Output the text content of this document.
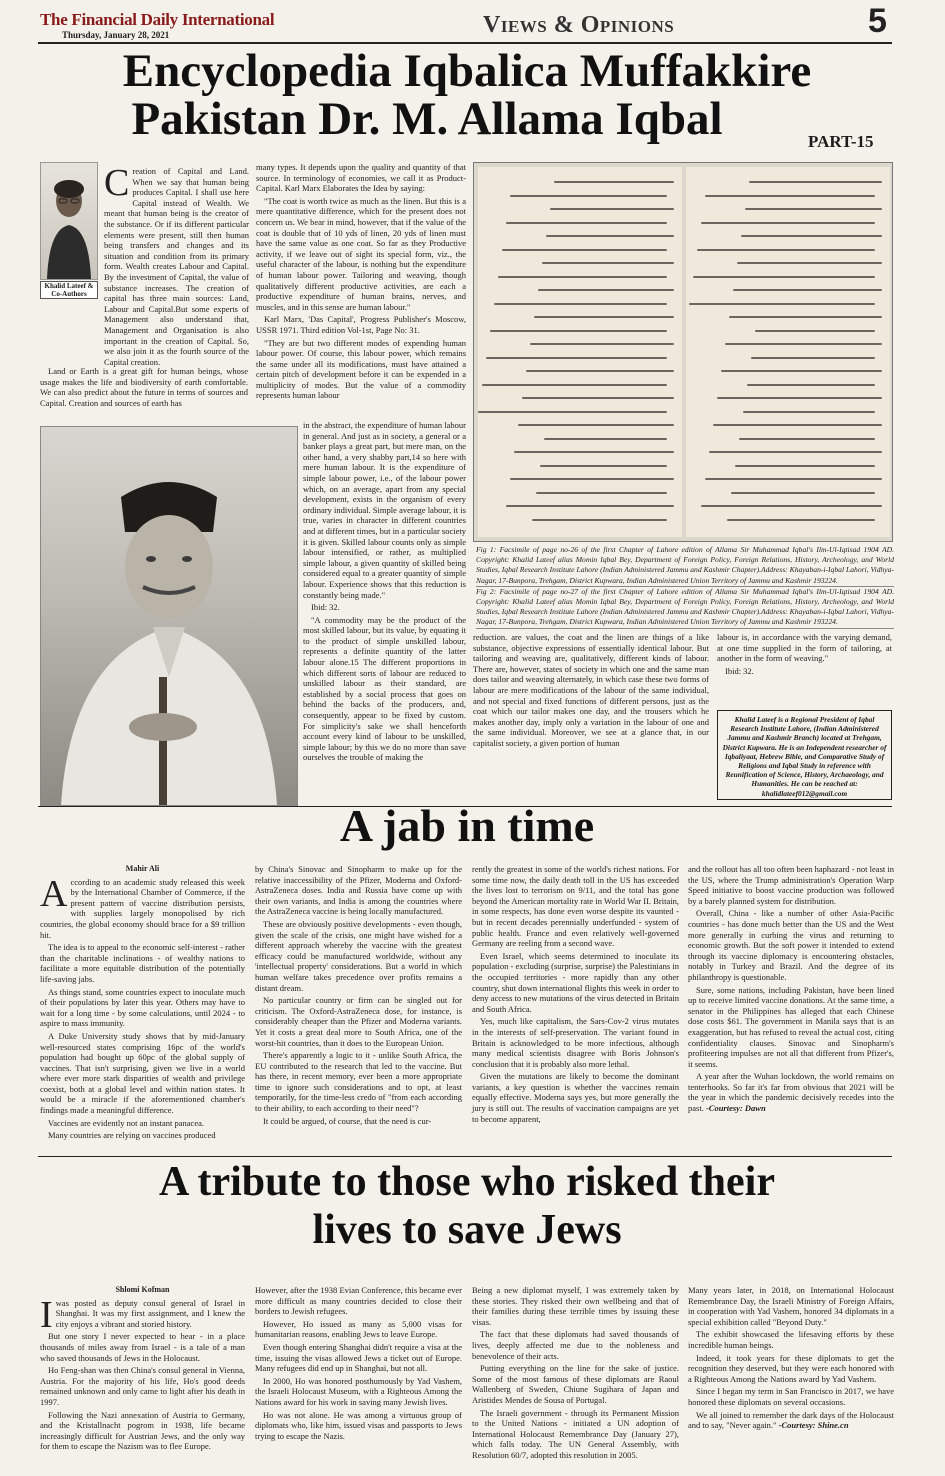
The Financial Daily International
Thursday, January 28, 2021	Views & Opinions	5
Encyclopedia Iqbalica Muffakkire
Pakistan Dr. M. Allama Iqbal	PART-15
Khalid Lateef & Co-Authors

Creation of Capital and Land. When we say that human being produces Capital. I shall use here Capital instead of Wealth. We meant that human being is the creator of the substance. Or if its different particular elements were present, still then human being transfers and changes and its situation and condition from its primary form. Wealth creates Labour and Capital. By the investment of Capital, the value of substance increases. The creation of capital has three main sources: Land, Labour and Capital.But some experts of Management also understand that, Management and Organisation is also important in the creation of Capital. So, we also join it as the fourth source of the Capital creation.

Land or Earth is a great gift for human beings, whose usage makes the life and biodiversity of earth comfortable. We can also predict about the future in terms of sources and Capital. Creation and sources of earth has

many types. It depends upon the quality and quantity of that source. In terminology of economies, we call it as Product-Capital. Karl Marx Elaborates the Idea by saying:

"The coat is worth twice as much as the linen. But this is a mere quantitative difference, which for the present does not concern us. We bear in mind, however, that if the value of the coat is double that of 10 yds of linen, 20 yds of linen must have the same value as one coat. So far as they Productive activity, if we leave out of sight its special form, viz., the useful character of the labour, is nothing but the expenditure of human labour power. Tailoring and weaving, though qualitatively different productive activities, are each a productive expenditure of human brains, nerves, and muscles, and in this sense are human labour."

Karl Marx, 'Das Capital', Progress Publisher's Moscow, USSR 1971. Third edition Vol-1st, Page No: 31.

"They are but two different modes of expending human labour power. Of course, this labour power, which remains the same under all its modifications, must have attained a certain pitch of development before it can be expended in a multiplicity of modes. But the value of a commodity represents human labour

in the abstract, the expenditure of human labour in general. And just as in society, a general or a banker plays a great part, but mere man, on the other hand, a very shabby part,14 so here with mere human labour. It is the expenditure of simple labour power, i.e., of the labour power which, on an average, apart from any special development, exists in the organism of every ordinary individual. Simple average labour, it is true, varies in character in different countries and at different times, but in a particular society it is given. Skilled labour counts only as simple labour intensified, or rather, as multiplied simple labour, a given quantity of skilled being considered equal to a greater quantity of simple labour. Experience shows that this reduction is constantly being made."

Ibid: 32.

"A commodity may be the product of the most skilled labour, but its value, by equating it to the product of simple unskilled labour, represents a definite quantity of the latter labour alone.15 The different proportions in which different sorts of labour are reduced to unskilled labour as their standard, are established by a social process that goes on behind the backs of the producers, and, consequently, appear to be fixed by custom. For simplicity's sake we shall henceforth account every kind of labour to be unskilled, simple labour; by this we do no more than save ourselves the trouble of making the

Fig 1: Facsimile of page no-26 of the first Chapter of Lahore edition of Allama Sir Muhammad Iqbal's Ilm-Ul-Iqtisad 1904 AD. Copyright: Khalid Lateef alias Momin Iqbal Bey, Department of Foreign Policy, Foreign Relations, History, Archeology, and World Studies, Iqbal Research Institute Lahore (Indian Administered Jammu and Kashmir Chapter).Address: Khayaban-i-Iqbal Lahori, Vidhya-Nagar, 17-Bunpora, Trehgam, District Kupwara, Indian Administered Union Territory of Jammu and Kashmir 193224.

Fig 2: Facsimile of page no-27 of the first Chapter of Lahore edition of Allama Sir Muhammad Iqbal's Ilm-Ul-Iqtisad 1904 AD. Copyright: Khalid Lateef alias Momin Iqbal Bey, Department of Foreign Policy, Foreign Relations, History, Archeology, and World Studies, Iqbal Research Institute Lahore (Indian Administered Jammu and Kashmir Chapter).Address: Khayaban-i-Iqbal Lahori, Vidhya-Nagar, 17-Bunpora, Trehgam, District Kupwara, Indian Administered Union Territory of Jammu and Kashmir 193224.

reduction. are values, the coat and the linen are things of a like substance, objective expressions of essentially identical labour. But tailoring and weaving are, qualitatively, different kinds of labour. There are, however, states of society in which one and the same man does tailor and weaving alternately, in which case these two forms of labour are mere modifications of the labour of the same individual, and not special and fixed functions of different persons, just as the coat which our tailor makes one day, and the trousers which he makes another day, imply only a variation in the labour of one and the same individual. Moreover, we see at a glance that, in our capitalist society, a given portion of human

labour is, in accordance with the varying demand, at one time supplied in the form of tailoring, at another in the form of weaving."

Ibid: 32.

Khalid Lateef is a Regional President of Iqbal Research Institute Lahore, (Indian Administered Jammu and Kashmir Branch) located at Trehgam, District Kupwara. He is an Independent researcher of Iqbaliyaat, Hebrew Bible, and Comparative Study of Religions and Iqbal Study in reference with Reunification of Science, History, Archaeology, and Humanities. He can be reached at:
khalidlateef012@gmail.com
A jab in time

Mahir Ali

According to an academic study released this week by the International Chamber of Commerce, if the present pattern of vaccine distribution persists, with supplies largely monopolised by rich countries, the global economy should brace for a $9 trillion hit.

The idea is to appeal to the economic self-interest - rather than the charitable inclinations - of wealthy nations to facilitate a more equitable distribution of the potentially life-saving jabs.

As things stand, some countries expect to inoculate much of their populations by later this year. Others may have to wait for a long time - by some calculations, until 2024 - to aspire to mass immunity.

A Duke University study shows that by mid-January well-resourced states comprising 16pc of the world's population had bought up 60pc of the global supply of vaccines. That isn't surprising, given we live in a world where ever more stark disparities of wealth and privilege coexist, both at a global level and within nation states. It would be a miracle if the aforementioned chamber's findings made a meaningful difference.

Vaccines are evidently not an instant panacea.

Many countries are relying on vaccines produced

by China's Sinovac and Sinopharm to make up for the relative inaccessibility of the Pfizer, Moderna and Oxford-AstraZeneca doses. India and Russia have come up with their own variants, and India is among the countries where the AstraZeneca vaccine is being locally manufactured.

These are obviously positive developments - even though, given the scale of the crisis, one might have wished for a different approach whereby the vaccine with the greatest efficacy could be manufactured worldwide, without any 'intellectual property' considerations. But a world in which human welfare takes precedence over profits remains a distant dream.

No particular country or firm can be singled out for criticism. The Oxford-AstraZeneca dose, for instance, is considerably cheaper than the Pfizer and Moderna variants. Yet it costs a great deal more to South Africa, one of the worst-hit countries, than it does to the European Union.

There's apparently a logic to it - unlike South Africa, the EU contributed to the research that led to the vaccine. But has there, in recent memory, ever been a more appropriate time to ignore such considerations and to opt, at least temporarily, for the time-less credo of "from each according to their ability, to each according to their need"?

It could be argued, of course, that the need is cur-

rently the greatest in some of the world's richest nations. For some time now, the daily death toll in the US has exceeded the lives lost to terrorism on 9/11, and the total has gone beyond the American mortality rate in World War II. Britain, in some respects, has done even worse despite its vaunted - but in recent decades perennially underfunded - system of public health. France and even relatively well-governed Germany are reeling from a second wave.

Even Israel, which seems determined to inoculate its population - excluding (surprise, surprise) the Palestinians in the occupied territories - more rapidly than any other country, shut down international flights this week in order to deny access to new mutations of the virus detected in Britain and South Africa.

Yes, much like capitalism, the Sars-Cov-2 virus mutates in the interests of self-preservation. The variant found in Britain is acknowledged to be more infectious, although many medical scientists disagree with Boris Johnson's conclusion that it is probably also more lethal.

Given the mutations are likely to become the dominant variants, a key question is whether the vaccines remain equally effective. Moderna says yes, but more generally the jury is still out. The results of vaccination campaigns are yet to become apparent,

and the rollout has all too often been haphazard - not least in the US, where the Trump administration's Operation Warp Speed initiative to boost vaccine production was followed by a barely planned system for distribution.

Overall, China - like a number of other Asia-Pacific countries - has done much better than the US and the West more generally in curbing the virus and returning to economic growth. But the soft power it intended to extend through its vaccine diplomacy is encountering obstacles, notably in Turkey and Brazil. And the degree of its philanthropy is questionable.

Sure, some nations, including Pakistan, have been lined up to receive limited vaccine donations. At the same time, a senator in the Philippines has alleged that each Chinese dose costs $61. The government in Manila says that is an exaggeration, but has refused to reveal the actual cost, citing confidentiality clauses. Sinovac and Sinopharm's profiteering impulses are not all that different from Pfizer's, it seems.

A year after the Wuhan lockdown, the world remains on tenterhooks. So far it's far from obvious that 2021 will be the year in which the pandemic decisively recedes into the past. -Courtesy: Dawn

A tribute to those who risked their
lives to save Jews

Shlomi Kofman

Iwas posted as deputy consul general of Israel in Shanghai. It was my first assignment, and I knew the city enjoys a vibrant and storied history.

But one story I never expected to hear - in a place thousands of miles away from Israel - is a tale of a man who saved thousands of Jews in the Holocaust.

Ho Feng-shan was then China's consul general in Vienna, Austria. For the majority of his life, Ho's good deeds remained unknown and only came to light after his death in 1997.

Following the Nazi annexation of Austria to Germany, and the Kristallnacht pogrom in 1938, life became increasingly difficult for Austrian Jews, and the only way for them to escape the Nazism was to flee Europe.

However, after the 1938 Evian Conference, this became ever more difficult as many countries decided to close their borders to Jewish refugees.

However, Ho issued as many as 5,000 visas for humanitarian reasons, enabling Jews to leave Europe.

Even though entering Shanghai didn't require a visa at the time, issuing the visas allowed Jews a ticket out of Europe. Many refugees did end up in Shanghai, but not all.

In 2000, Ho was honored posthumously by Yad Vashem, the Israeli Holocaust Museum, with a Righteous Among the Nations award for his work in saving many Jewish lives.

Ho was not alone. He was among a virtuous group of diplomats who, like him, issued visas and passports to Jews trying to escape the Nazis.

Being a new diplomat myself, I was extremely taken by these stories. They risked their own wellbeing and that of their families during these terrible times by issuing these visas.

The fact that these diplomats had saved thousands of lives, deeply affected me due to the nobleness and benevolence of their acts.

Putting everything on the line for the sake of justice. Some of the most famous of these diplomats are Raoul Wallenberg of Sweden, Chiune Sugihara of Japan and Aristides Mendes de Sousa of Portugal.

The Israeli government - through its Permanent Mission to the United Nations - initiated a UN adoption of International Holocaust Remembrance Day (January 27), which falls today. The UN General Assembly, with Resolution 60/7, adopted this resolution in 2005.

Many years later, in 2018, on International Holocaust Remembrance Day, the Israeli Ministry of Foreign Affairs, in cooperation with Yad Vashem, honored 34 diplomats in a special exhibition called "Beyond Duty."

The exhibit showcased the lifesaving efforts by these incredible human beings.

Indeed, it took years for these diplomats to get the recognition they deserved, but they were each honored with a Righteous Among the Nations award by Yad Vashem.

Since I began my term in San Francisco in 2017, we have honored these diplomats on several occasions.

We all joined to remember the dark days of the Holocaust and to say, "Never again." -Courtesy: Shine.cn
